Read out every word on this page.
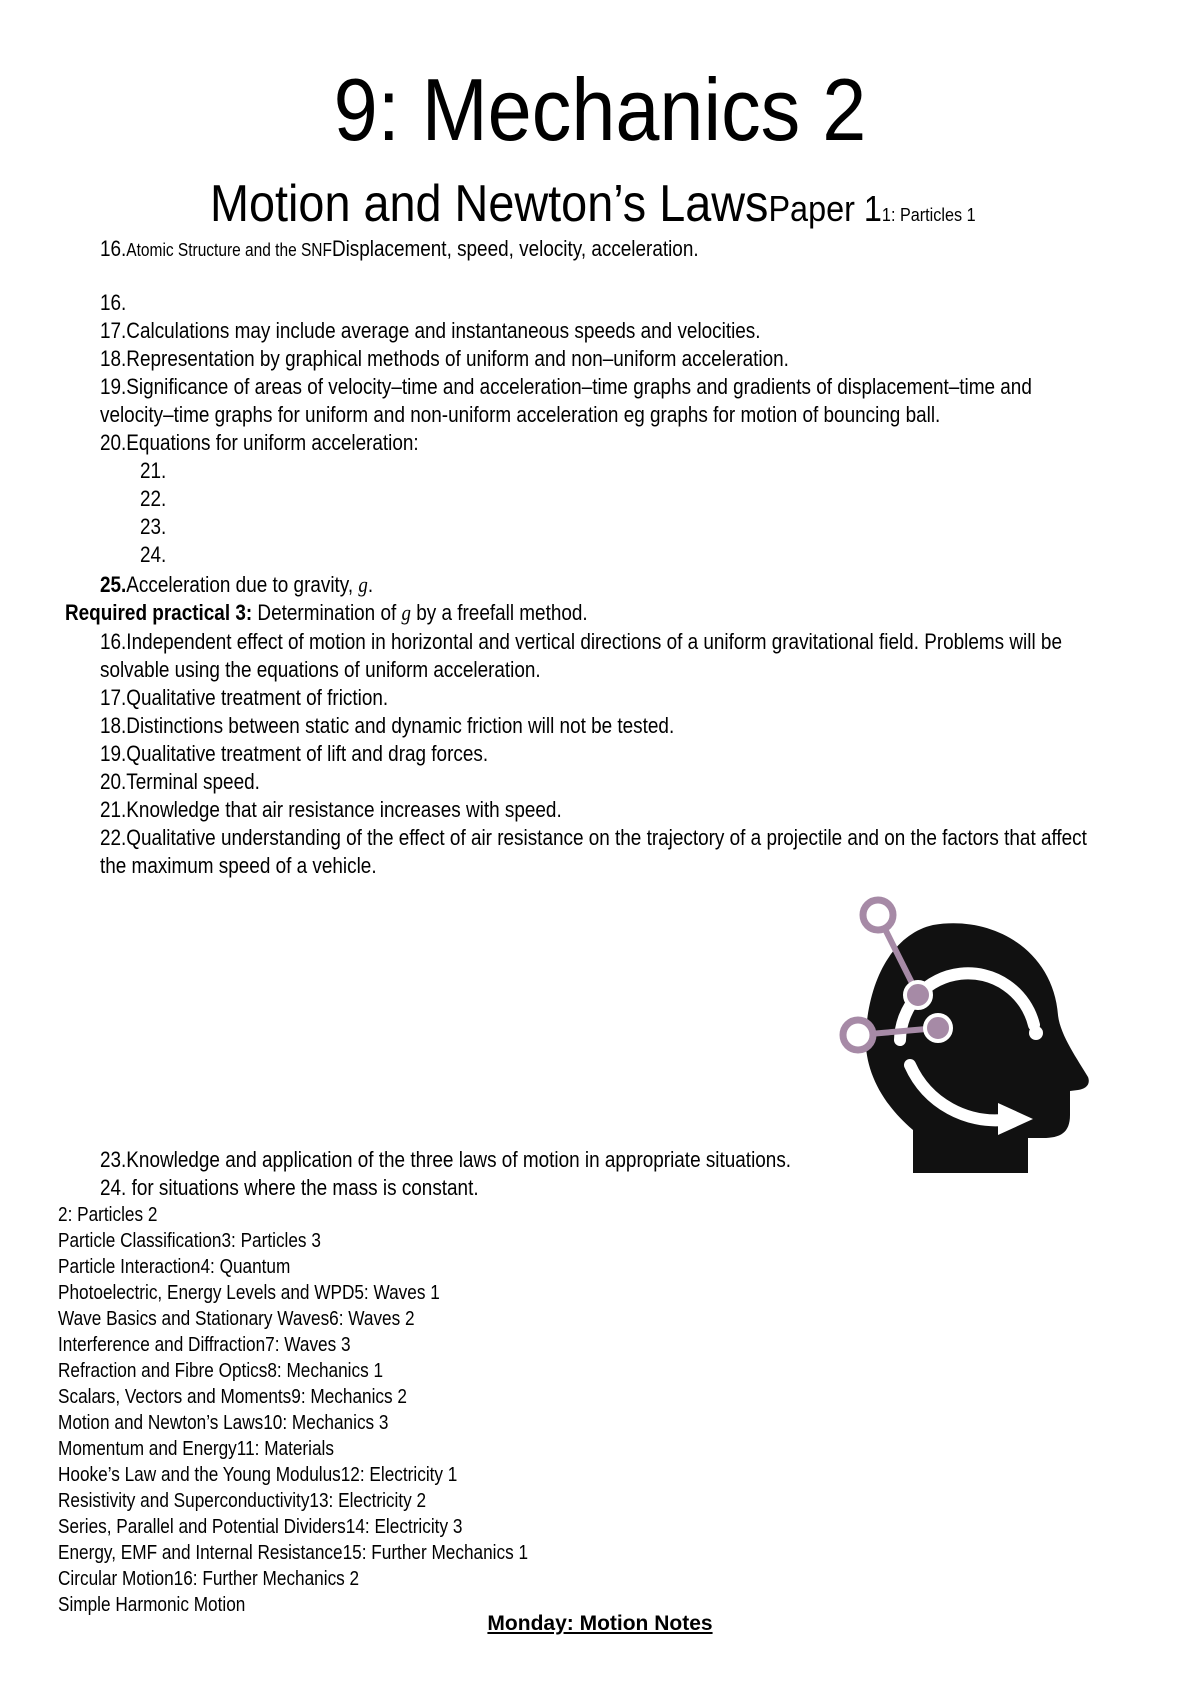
9: Mechanics 2
Motion and Newton’s LawsPaper 11: Particles 1
16.Atomic Structure and the SNFDisplacement, speed, velocity, acceleration.
16.
17.Calculations may include average and instantaneous speeds and velocities.
18.Representation by graphical methods of uniform and non–uniform acceleration.
19.Significance of areas of velocity–time and acceleration–time graphs and gradients of displacement–time and
velocity–time graphs for uniform and non-uniform acceleration eg graphs for motion of bouncing ball.
20.Equations for uniform acceleration:
21.
22.
23.
24.
25.Acceleration due to gravity, g.
Required practical 3: Determination of g by a freefall method.
16.Independent effect of motion in horizontal and vertical directions of a uniform gravitational field. Problems will be
solvable using the equations of uniform acceleration.
17.Qualitative treatment of friction.
18.Distinctions between static and dynamic friction will not be tested.
19.Qualitative treatment of lift and drag forces.
20.Terminal speed.
21.Knowledge that air resistance increases with speed.
22.Qualitative understanding of the effect of air resistance on the trajectory of a projectile and on the factors that affect
the maximum speed of a vehicle.
23.Knowledge and application of the three laws of motion in appropriate situations.
24. for situations where the mass is constant.
2: Particles 2
Particle Classification3: Particles 3
Particle Interaction4: Quantum
Photoelectric, Energy Levels and WPD5: Waves 1
Wave Basics and Stationary Waves6: Waves 2
Interference and Diffraction7: Waves 3
Refraction and Fibre Optics8: Mechanics 1
Scalars, Vectors and Moments9: Mechanics 2
Motion and Newton’s Laws10: Mechanics 3
Momentum and Energy11: Materials
Hooke’s Law and the Young Modulus12: Electricity 1
Resistivity and Superconductivity13: Electricity 2
Series, Parallel and Potential Dividers14: Electricity 3
Energy, EMF and Internal Resistance15: Further Mechanics 1
Circular Motion16: Further Mechanics 2
Simple Harmonic Motion
Monday: Motion Notes
